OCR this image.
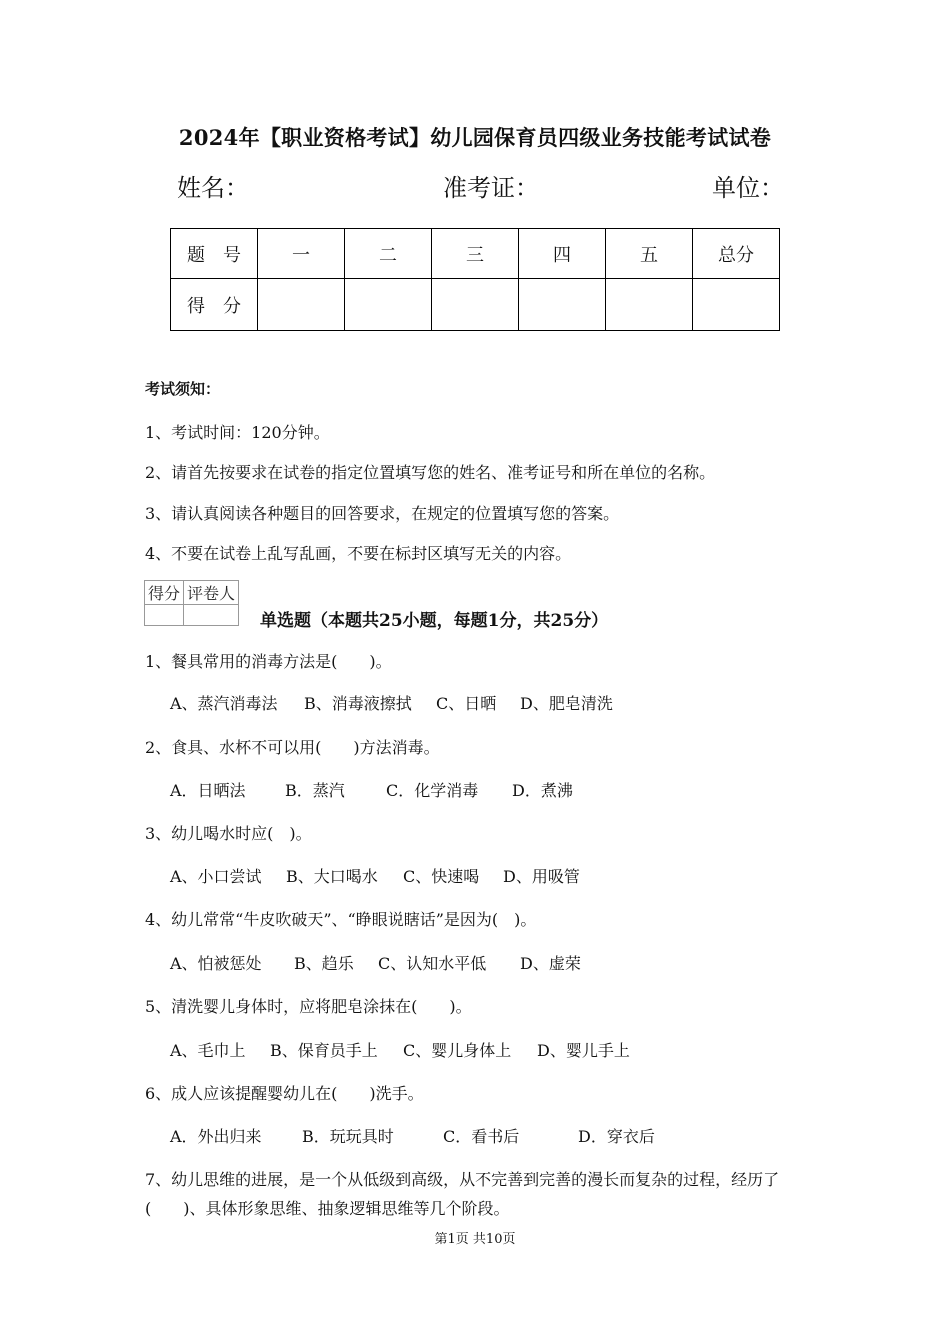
2024年【职业资格考试】幼儿园保育员四级业务技能考试试卷
姓名：	准考证：	单位：
题　号	一	二	三	四	五	总分
得　分						
考试须知：
1、考试时间：120分钟。
2、请首先按要求在试卷的指定位置填写您的姓名、准考证号和所在单位的名称。
3、请认真阅读各种题目的回答要求，在规定的位置填写您的答案。
4、不要在试卷上乱写乱画，不要在标封区填写无关的内容。
得分	评卷人

单选题（本题共25小题，每题1分，共25分）
1、餐具常用的消毒方法是(　　)。
A、蒸汽消毒法 B、消毒液擦拭 C、日晒 D、肥皂清洗
2、食具、水杯不可以用(　　)方法消毒。
A．日晒法 B．蒸汽	C．化学消毒 D．煮沸
3、幼儿喝水时应(　)。
A、小口尝试 B、大口喝水 C、快速喝 D、用吸管
4、幼儿常常“牛皮吹破天”、“睁眼说瞎话”是因为(　)。
A、怕被惩处 B、趋乐 C、认知水平低 D、虚荣
5、清洗婴儿身体时，应将肥皂涂抹在(　　)。
A、毛巾上 B、保育员手上 C、婴儿身体上 D、婴儿手上
6、成人应该提醒婴幼儿在(　　)洗手。
A．外出归来	B．玩玩具时	C．看书后	D．穿衣后
7、幼儿思维的进展，是一个从低级到高级，从不完善到完善的漫长而复杂的过程，经历了
(　　)、具体形象思维、抽象逻辑思维等几个阶段。
第1页 共10页
